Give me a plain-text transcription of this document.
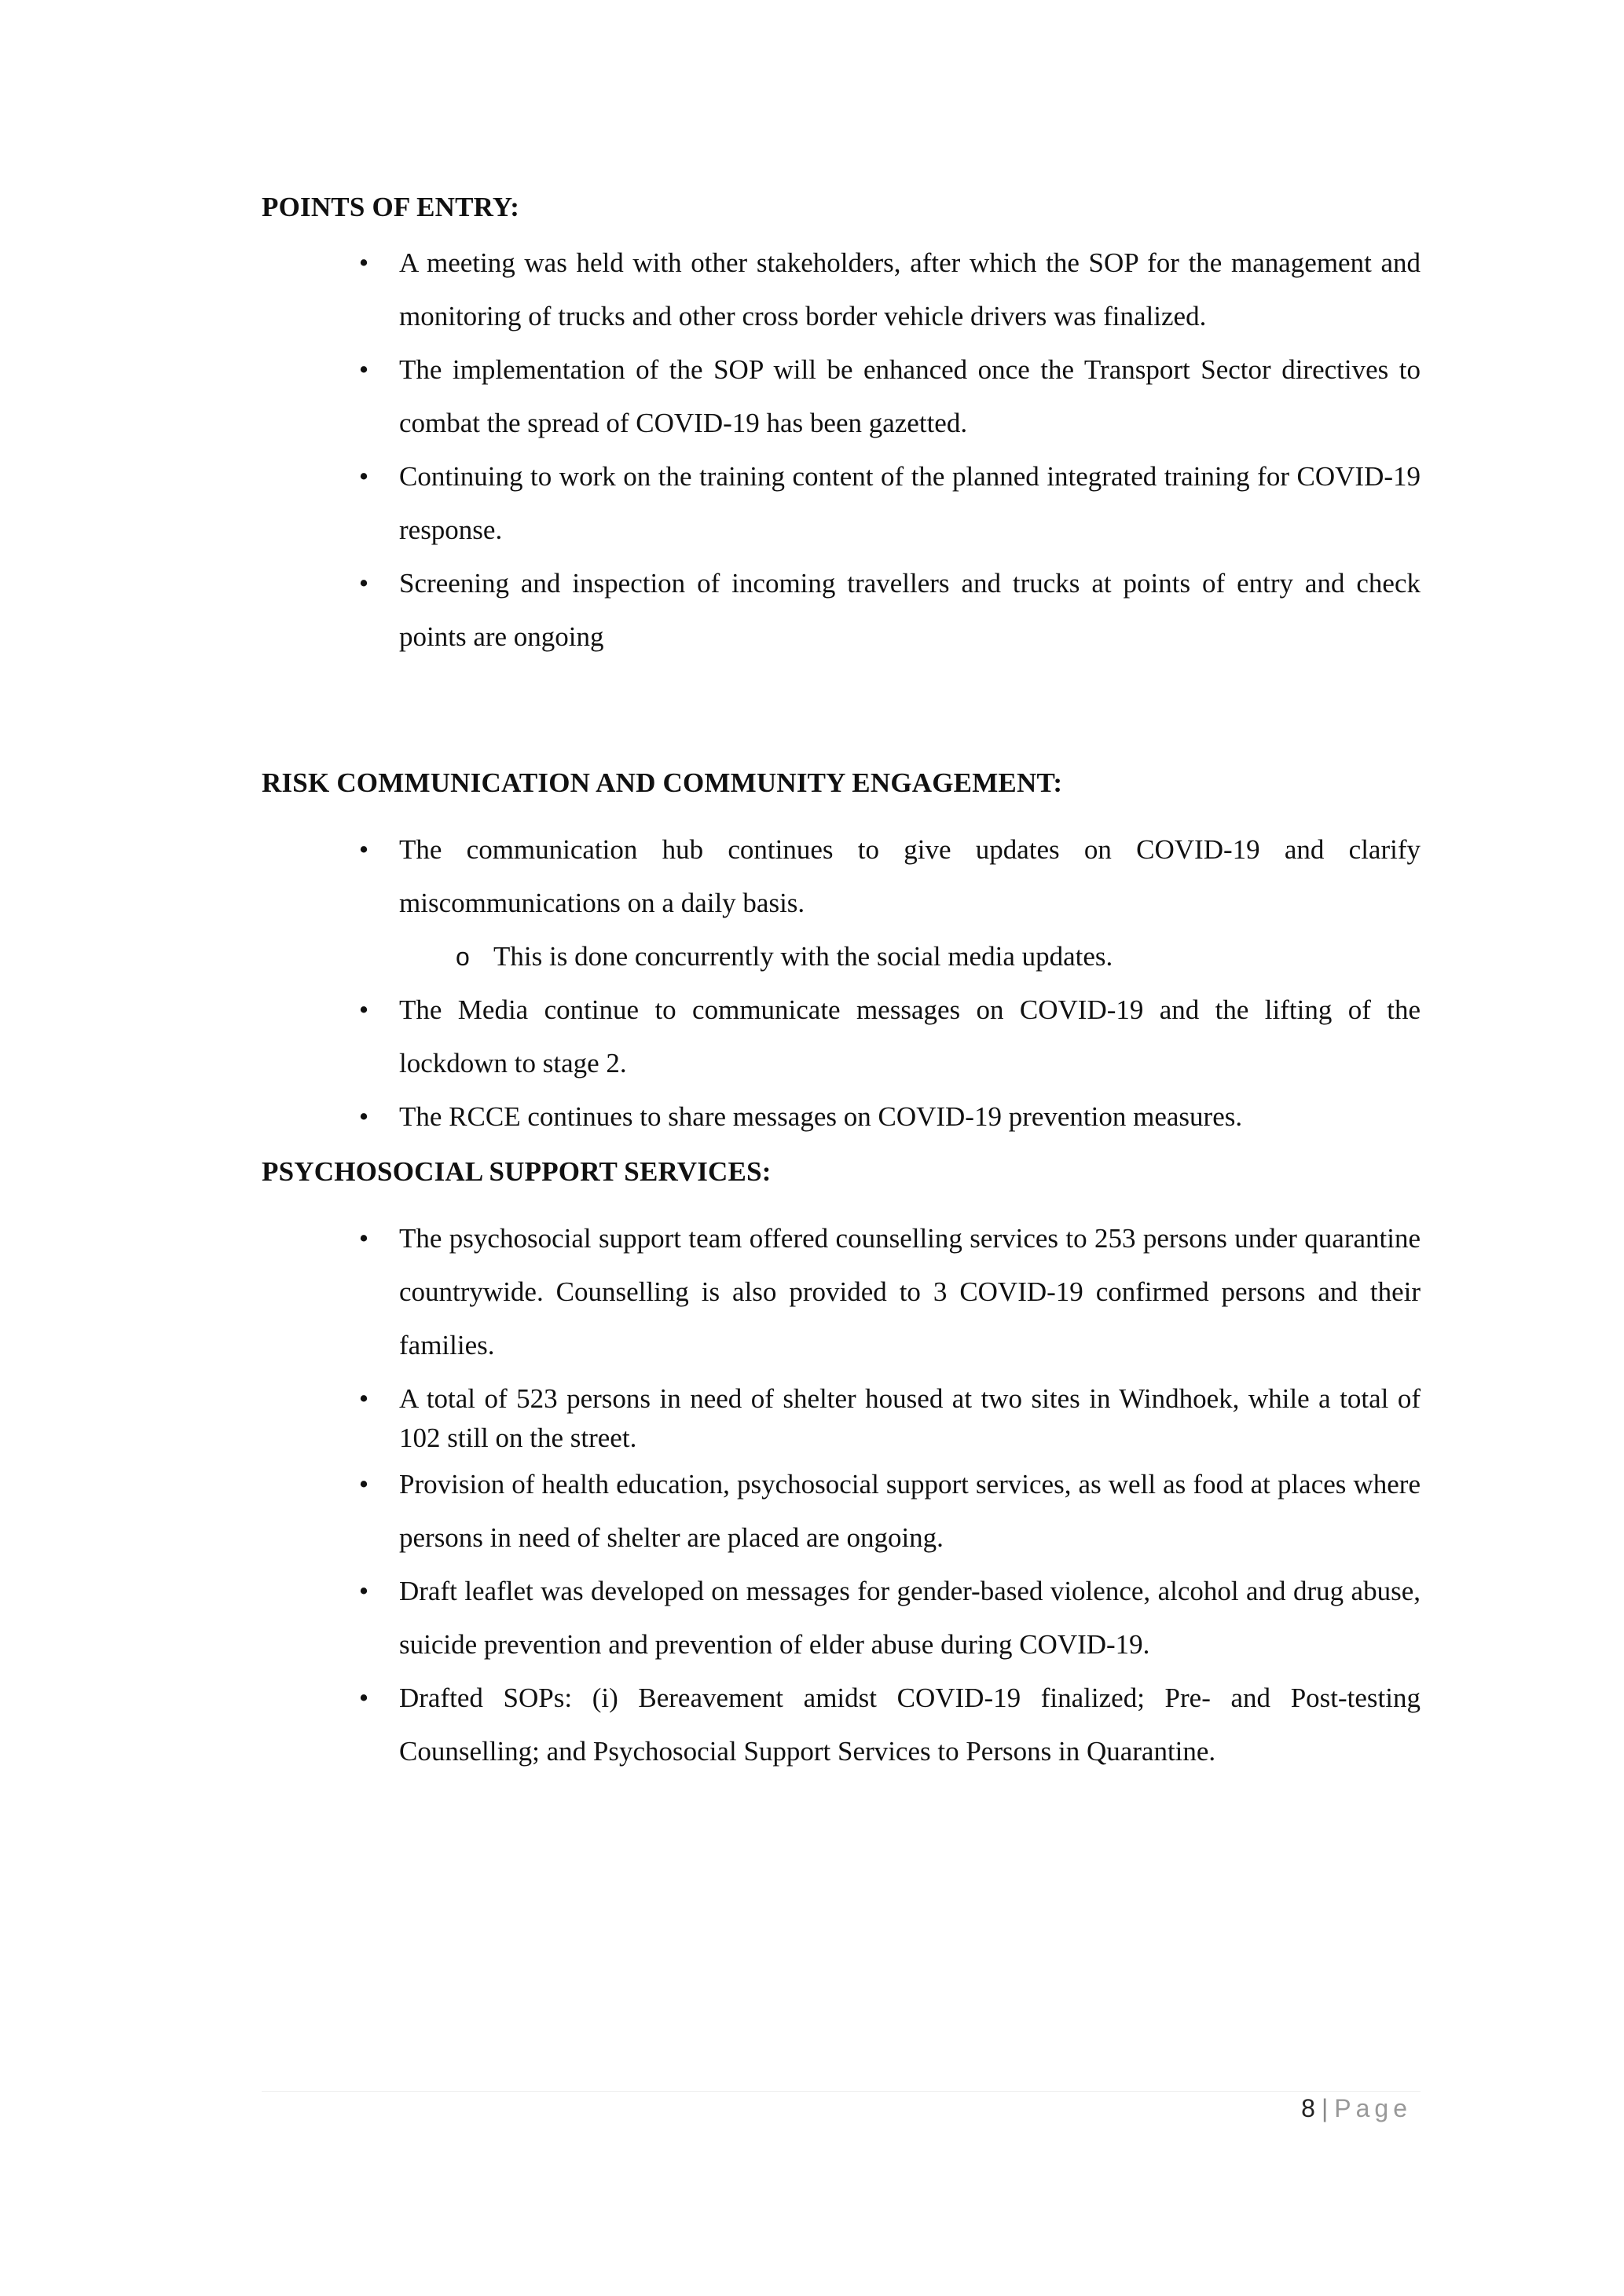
POINTS OF ENTRY:
• A meeting was held with other stakeholders, after which the SOP for the management and monitoring of trucks and other cross border vehicle drivers was finalized.
• The implementation of the SOP will be enhanced once the Transport Sector directives to combat the spread of COVID-19 has been gazetted.
• Continuing to work on the training content of the planned integrated training for COVID-19 response.
• Screening and inspection of incoming travellers and trucks at points of entry and check points are ongoing
RISK COMMUNICATION AND COMMUNITY ENGAGEMENT:
• The communication hub continues to give updates on COVID-19 and clarify miscommunications on a daily basis.
o This is done concurrently with the social media updates.
• The Media continue to communicate messages on COVID-19 and the lifting of the lockdown to stage 2.
• The RCCE continues to share messages on COVID-19 prevention measures.
PSYCHOSOCIAL SUPPORT SERVICES:
• The psychosocial support team offered counselling services to 253 persons under quarantine countrywide. Counselling is also provided to 3 COVID-19 confirmed persons and their families.
• A total of 523 persons in need of shelter housed at two sites in Windhoek, while a total of 102 still on the street.
• Provision of health education, psychosocial support services, as well as food at places where persons in need of shelter are placed are ongoing.
• Draft leaflet was developed on messages for gender-based violence, alcohol and drug abuse, suicide prevention and prevention of elder abuse during COVID-19.
• Drafted SOPs: (i) Bereavement amidst COVID-19 finalized; Pre- and Post-testing Counselling; and Psychosocial Support Services to Persons in Quarantine.
8 | Page
